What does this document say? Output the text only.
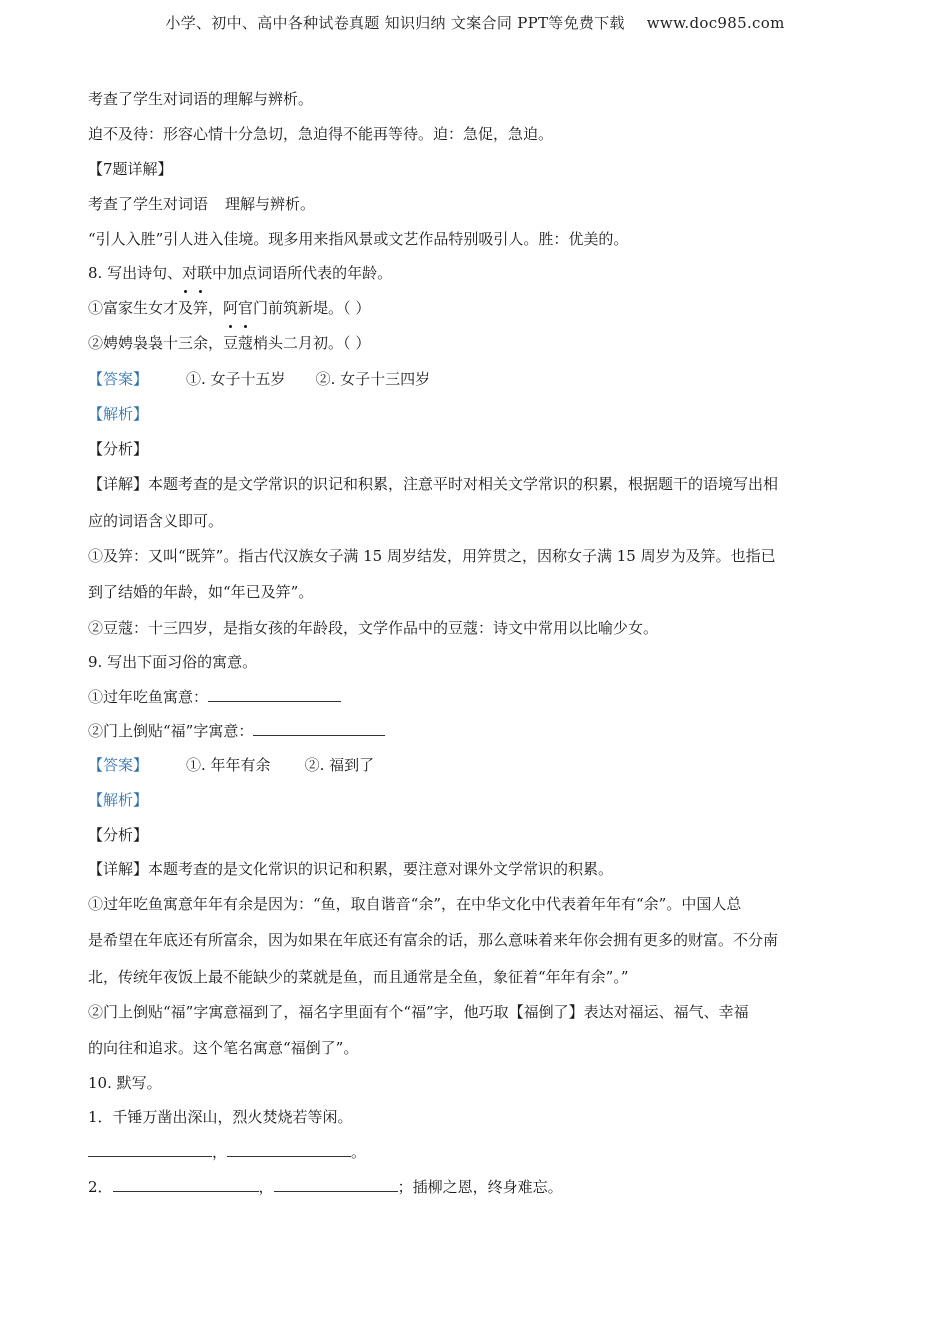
小学、初中、高中各种试卷真题 知识归纳 文案合同 PPT等免费下载 www.doc985.com
考查了学生对词语的理解与辨析。
迫不及待：形容心情十分急切，急迫得不能再等待。迫：急促，急迫。
【7题详解】
考查了学生对词语 理解与辨析。
“引人入胜”引人进入佳境。现多用来指风景或文艺作品特别吸引人。胜：优美的。
8. 写出诗句、对联中加点词语所代表的年龄。
①富家生女才及笄，阿官门前筑新堤。（ ）
②娉娉袅袅十三余，豆蔻梢头二月初。（ ）
【答案】	①. 女子十五岁 ②. 女子十三四岁
【解析】
【分析】
【详解】本题考查的是文学常识的识记和积累，注意平时对相关文学常识的积累，根据题干的语境写出相
应的词语含义即可。
①及笄：又叫“既笄”。指古代汉族女子满 15 周岁结发，用笄贯之，因称女子满 15 周岁为及笄。也指已
到了结婚的年龄，如“年已及笄”。
②豆蔻：十三四岁，是指女孩的年龄段，文学作品中的豆蔻：诗文中常用以比喻少女。
9. 写出下面习俗的寓意。
①过年吃鱼寓意：
②门上倒贴“福”字寓意：
【答案】	①. 年年有余 ②. 福到了
【解析】
【分析】
【详解】本题考查的是文化常识的识记和积累，要注意对课外文学常识的积累。
①过年吃鱼寓意年年有余是因为：“鱼，取自谐音“余”，在中华文化中代表着年年有“余”。中国人总
是希望在年底还有所富余，因为如果在年底还有富余的话，那么意味着来年你会拥有更多的财富。不分南
北，传统年夜饭上最不能缺少的菜就是鱼，而且通常是全鱼，象征着“年年有余”。”
②门上倒贴“福”字寓意福到了，福名字里面有个“福”字，他巧取【福倒了】表达对福运、福气、幸福
的向往和追求。这个笔名寓意“福倒了”。
10. 默写。
1．千锤万凿出深山，烈火焚烧若等闲。
，	。
2．	，	；插柳之恩，终身难忘。
